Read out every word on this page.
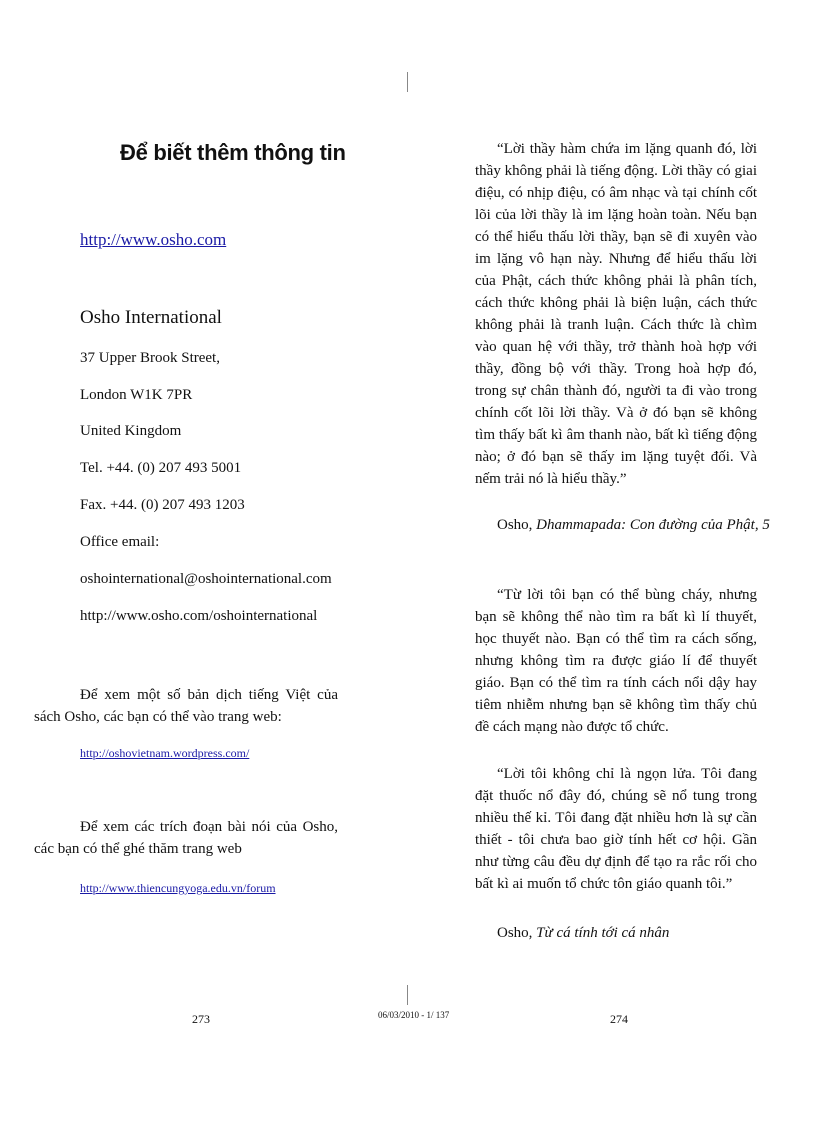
Để biết thêm thông tin
http://www.osho.com
Osho International
37 Upper Brook Street,
London W1K 7PR
United Kingdom
Tel. +44. (0) 207 493 5001
Fax. +44. (0) 207 493 1203
Office email:
oshointernational@oshointernational.com
http://www.osho.com/oshointernational

Để xem một số bản dịch tiếng Việt của sách Osho, các bạn có thể vào trang web:

http://oshovietnam.wordpress.com/

Để xem các trích đoạn bài nói của Osho, các bạn có thể ghé thăm trang web

http://www.thiencungyoga.edu.vn/forum
273

“Lời thầy hàm chứa im lặng quanh đó, lời thầy không phải là tiếng động. Lời thầy có giai điệu, có nhịp điệu, có âm nhạc và tại chính cốt lõi của lời thầy là im lặng hoàn toàn. Nếu bạn có thể hiểu thấu lời thầy, bạn sẽ đi xuyên vào im lặng vô hạn này. Nhưng để hiểu thấu lời của Phật, cách thức không phải là phân tích, cách thức không phải là biện luận, cách thức không phải là tranh luận. Cách thức là chìm vào quan hệ với thầy, trở thành hoà hợp với thầy, đồng bộ với thầy. Trong hoà hợp đó, trong sự chân thành đó, người ta đi vào trong chính cốt lõi lời thầy. Và ở đó bạn sẽ không tìm thấy bất kì âm thanh nào, bất kì tiếng động nào; ở đó bạn sẽ thấy im lặng tuyệt đối. Và nếm trải nó là hiểu thầy.”

Osho, Dhammapada: Con đường của Phật, 5

“Từ lời tôi bạn có thể bùng cháy, nhưng bạn sẽ không thể nào tìm ra bất kì lí thuyết, học thuyết nào. Bạn có thể tìm ra cách sống, nhưng không tìm ra được giáo lí để thuyết giáo. Bạn có thể tìm ra tính cách nổi dậy hay tiêm nhiễm nhưng bạn sẽ không tìm thấy chủ đề cách mạng nào được tổ chức.

“Lời tôi không chỉ là ngọn lửa. Tôi đang đặt thuốc nổ đây đó, chúng sẽ nổ tung trong nhiều thế kỉ. Tôi đang đặt nhiều hơn là sự cần thiết - tôi chưa bao giờ tính hết cơ hội. Gần như từng câu đều dự định để tạo ra rắc rối cho bất kì ai muốn tổ chức tôn giáo quanh tôi.”

Osho, Từ cá tính tới cá nhân
274
06/03/2010 - 1/ 137
